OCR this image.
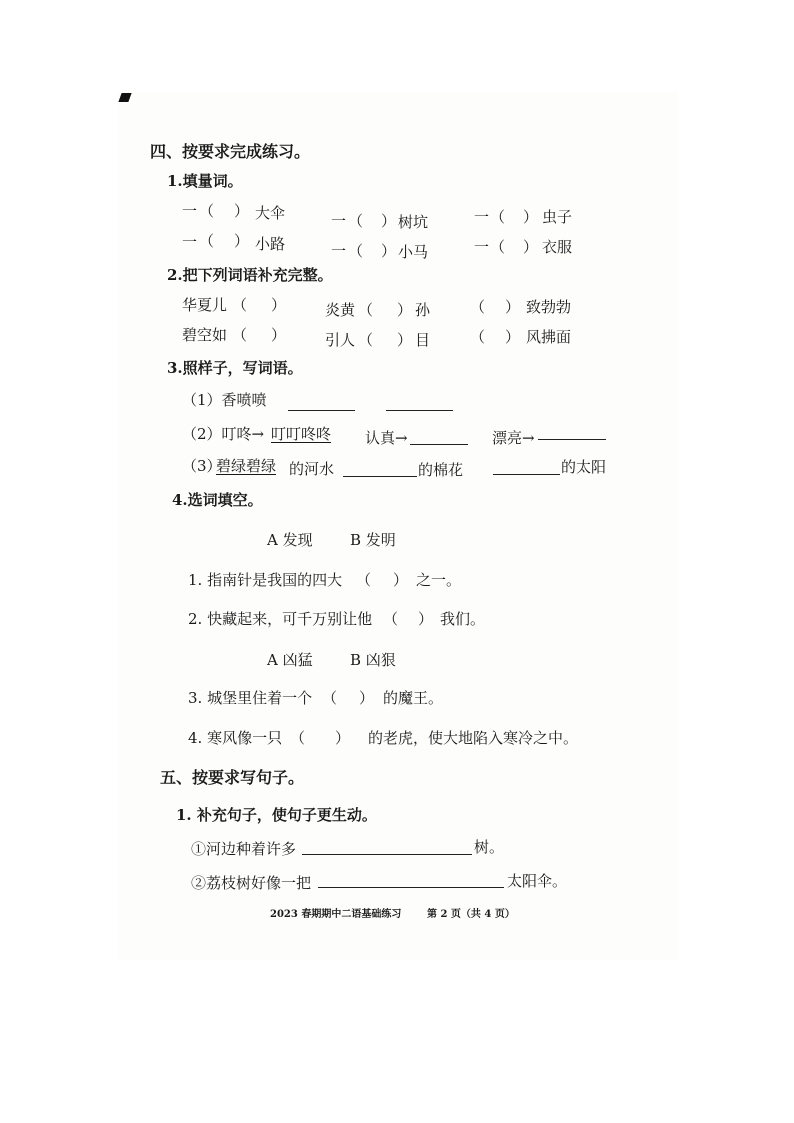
四、按要求完成练习。
1.填量词。
一 （ ） 大伞	一 （ ） 树坑	一 （ ） 虫子
一 （ ） 小路	一 （ ） 小马	一 （ ） 衣服
2.把下列词语补充完整。
华夏儿 （ ）	炎黄 （ ） 孙	（ ） 致勃勃
碧空如 （ ）	引人 （ ） 目	（ ） 风拂面
3.照样子，写词语。
（1）香喷喷
（2）叮咚→ 叮叮咚咚 认真→	漂亮→
（3）
碧绿碧绿 的河水	的棉花	的太阳
4.选词填空。
A 发现 B 发明
1. 指南针是我国的四大 （ ） 之一。
2. 快藏起来，可千万别让他 （ ） 我们。
A 凶猛 B 凶狠
3. 城堡里住着一个 （ ） 的魔王。
4. 寒风像一只 （ ） 的老虎，使大地陷入寒冷之中。
五、按要求写句子。
1. 补充句子，使句子更生动。
①河边种着许多	树。
②荔枝树好像一把	太阳伞。
2023 春期期中二语基础练习	第 2 页（共 4 页）
